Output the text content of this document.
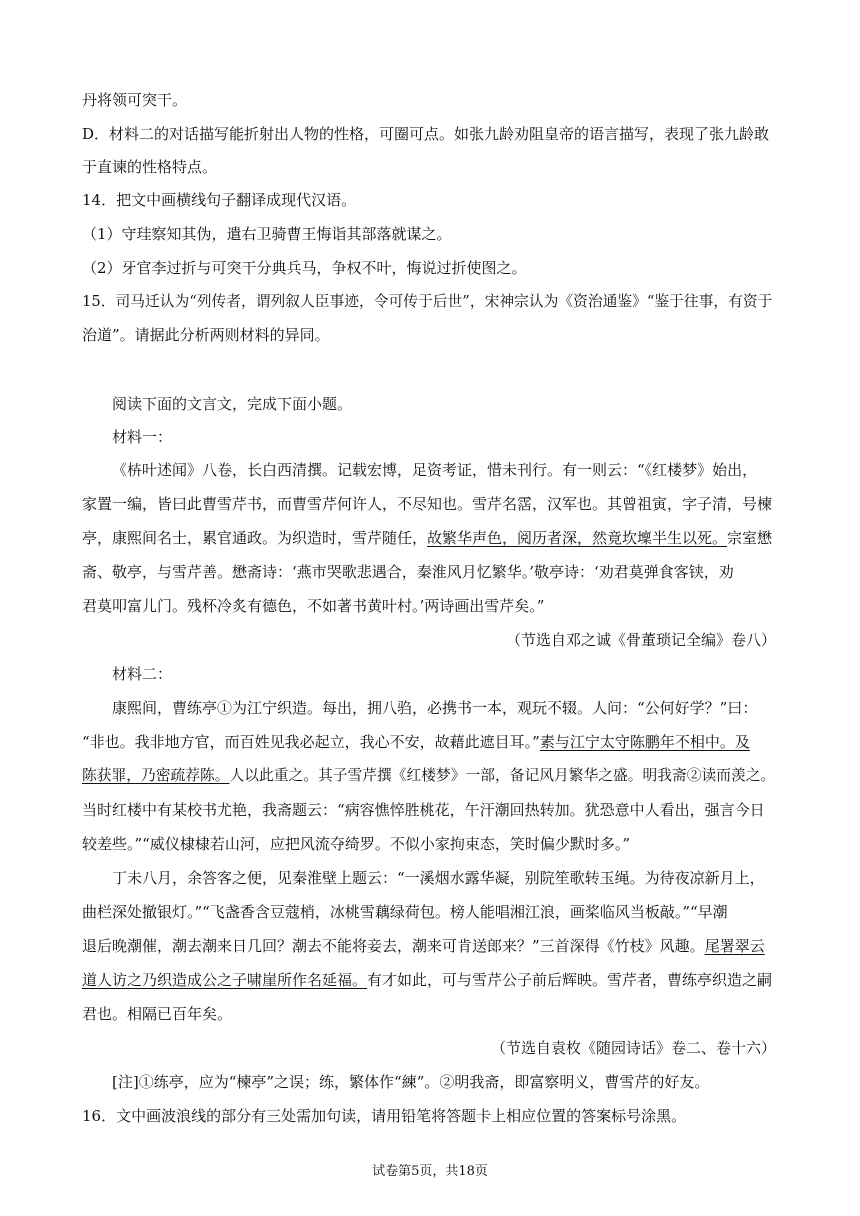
丹将领可突干。
D．材料二的对话描写能折射出人物的性格，可圈可点。如张九龄劝阻皇帝的语言描写，表现了张九龄敢
于直谏的性格特点。
14．把文中画横线句子翻译成现代汉语。
（1）守珪察知其伪，遣右卫骑曹王悔诣其部落就谋之。
（2）牙官李过折与可突干分典兵马，争权不叶，悔说过折使图之。
15．司马迁认为“列传者，谓列叙人臣事迹，令可传于后世”，宋神宗认为《资治通鉴》“鉴于往事，有资于
治道”。请据此分析两则材料的异同。
阅读下面的文言文，完成下面小题。
材料一：
《枿叶述闻》八卷，长白西清撰。记载宏博，足资考证，惜未刊行。有一则云：“《红楼梦》始出，
家置一编，皆曰此曹雪芹书，而曹雪芹何许人，不尽知也。雪芹名霑，汉军也。其曾祖寅，字子清，号楝
亭，康熙间名士，累官通政。为织造时，雪芹随任，故繁华声色，阅历者深，然竟坎壈半生以死。宗室懋
斋、敬亭，与雪芹善。懋斋诗：‘燕市哭歌悲遇合，秦淮风月忆繁华。’敬亭诗：‘劝君莫弹食客铗，劝
君莫叩富儿门。残杯冷炙有德色，不如著书黄叶村。’两诗画出雪芹矣。”
（节选自邓之诚《骨董琐记全编》卷八）
材料二：
康熙间，曹练亭①为江宁织造。每出，拥八驺，必携书一本，观玩不辍。人问：“公何好学？”曰：
“非也。我非地方官，而百姓见我必起立，我心不安，故藉此遮目耳。”素与江宁太守陈鹏年不相中。及
陈获罪，乃密疏荐陈。人以此重之。其子雪芹撰《红楼梦》一部，备记风月繁华之盛。明我斋②读而羡之。
当时红楼中有某校书尤艳，我斋题云：“病容憔悴胜桃花，午汗潮回热转加。犹恐意中人看出，强言今日
较差些。”“威仪棣棣若山河，应把风流夺绮罗。不似小家拘束态，笑时偏少默时多。”
丁未八月，余答客之便，见秦淮壁上题云：“一溪烟水露华凝，别院笙歌转玉绳。为待夜凉新月上，
曲栏深处撤银灯。”“飞盏香含豆蔻梢，冰桃雪藕绿荷包。榜人能唱湘江浪，画桨临风当板敲。”“早潮
退后晚潮催，潮去潮来日几回？潮去不能将妾去，潮来可肯送郎来？”三首深得《竹枝》风趣。尾署翠云
道人访之乃织造成公之子啸崖所作名延福。有才如此，可与雪芹公子前后辉映。雪芹者，曹练亭织造之嗣
君也。相隔已百年矣。
（节选自袁枚《随园诗话》卷二、卷十六）
[注]①练亭，应为“楝亭”之误；练，繁体作“練”。②明我斋，即富察明义，曹雪芹的好友。
16．文中画波浪线的部分有三处需加句读，请用铅笔将答题卡上相应位置的答案标号涂黑。
试卷第5页，共18页
